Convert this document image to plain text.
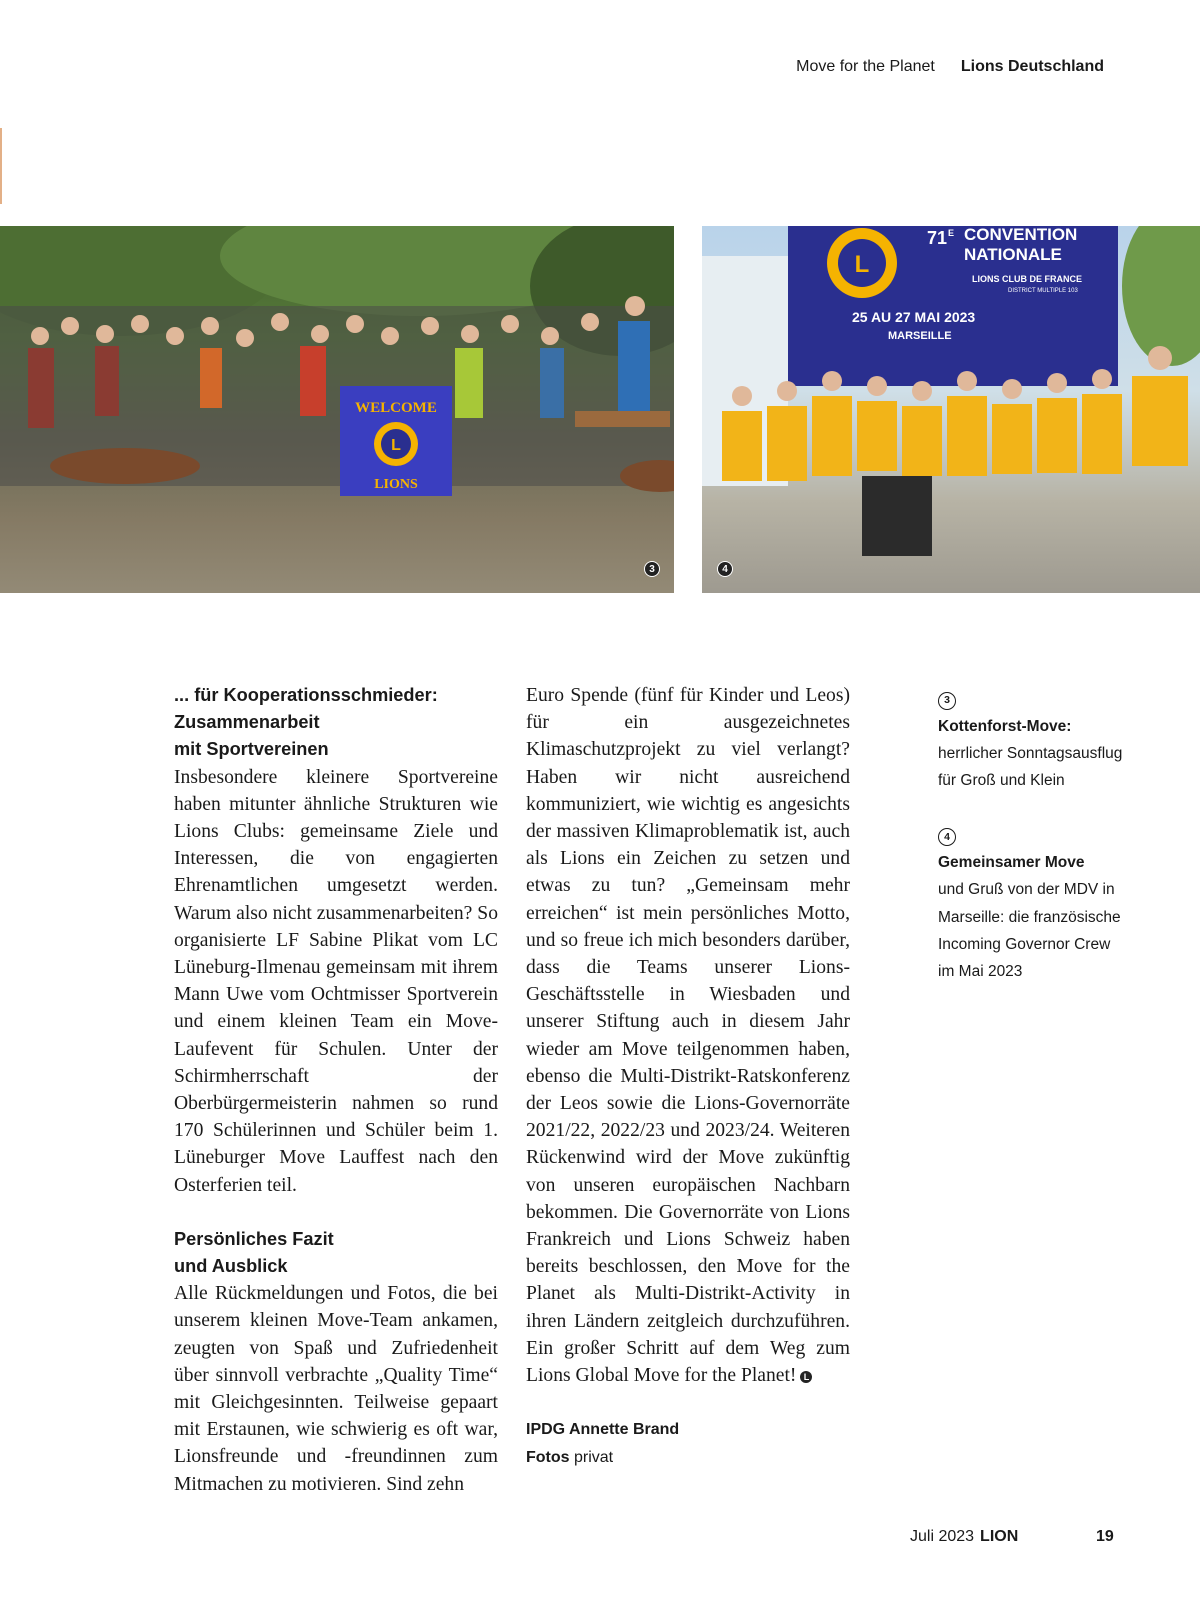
Move for the Planet Lions Deutschland
L
WELCOME
LIONS
3
L
71 E CONVENTION
NATIONALE
LIONS CLUB DE FRANCE
DISTRICT MULTIPLE 103
25 AU 27 MAI 2023
MARSEILLE
4
... für Kooperationsschmieder:
Zusammenarbeit
mit Sportvereinen

Insbesondere kleinere Sportvereine haben mitunter ähnliche Strukturen wie Lions Clubs: gemeinsame Ziele und Interessen, die von engagierten Ehrenamtlichen umgesetzt werden. Warum also nicht zusammenarbeiten? So organisierte LF Sabine Plikat vom LC Lüneburg-Ilmenau gemeinsam mit ihrem Mann Uwe vom Ochtmisser Sportverein und einem kleinen Team ein Move-Laufevent für Schulen. Unter der Schirmherrschaft der Oberbürgermeisterin nahmen so rund 170 Schülerinnen und Schüler beim 1. Lüneburger Move Lauffest nach den Osterferien teil.

Persönliches Fazit
und Ausblick

Alle Rückmeldungen und Fotos, die bei unserem kleinen Move-Team ankamen, zeugten von Spaß und Zufriedenheit über sinnvoll verbrachte „Quality Time“ mit Gleichgesinnten. Teilweise gepaart mit Erstaunen, wie schwierig es oft war, Lionsfreunde und -freundinnen zum Mitmachen zu motivieren. Sind zehn

Euro Spende (fünf für Kinder und Leos) für ein ausgezeichnetes Klimaschutzprojekt zu viel verlangt? Haben wir nicht ausreichend kommuniziert, wie wichtig es angesichts der massiven Klimaproblematik ist, auch als Lions ein Zeichen zu setzen und etwas zu tun? „Gemeinsam mehr erreichen“ ist mein persönliches Motto, und so freue ich mich besonders darüber, dass die Teams unserer Lions-Geschäftsstelle in Wiesbaden und unserer Stiftung auch in diesem Jahr wieder am Move teilgenommen haben, ebenso die Multi-Distrikt-Ratskonferenz der Leos sowie die Lions-Governorräte 2021/22, 2022/23 und 2023/24. Weiteren Rückenwind wird der Move zukünftig von unseren europäischen Nachbarn bekommen. Die Governorräte von Lions Frankreich und Lions Schweiz haben bereits beschlossen, den Move for the Planet als Multi-Distrikt-Activity in ihren Ländern zeitgleich durchzuführen. Ein großer Schritt auf dem Weg zum Lions Global Move for the Planet! L

IPDG Annette Brand
Fotos privat
3
Kottenforst-Move:
herrlicher Sonntagsausflug für Groß und Klein
4
Gemeinsamer Move
und Gruß von der MDV in Marseille: die französische Incoming Governor Crew im Mai 2023
Juli 2023 LION	19
